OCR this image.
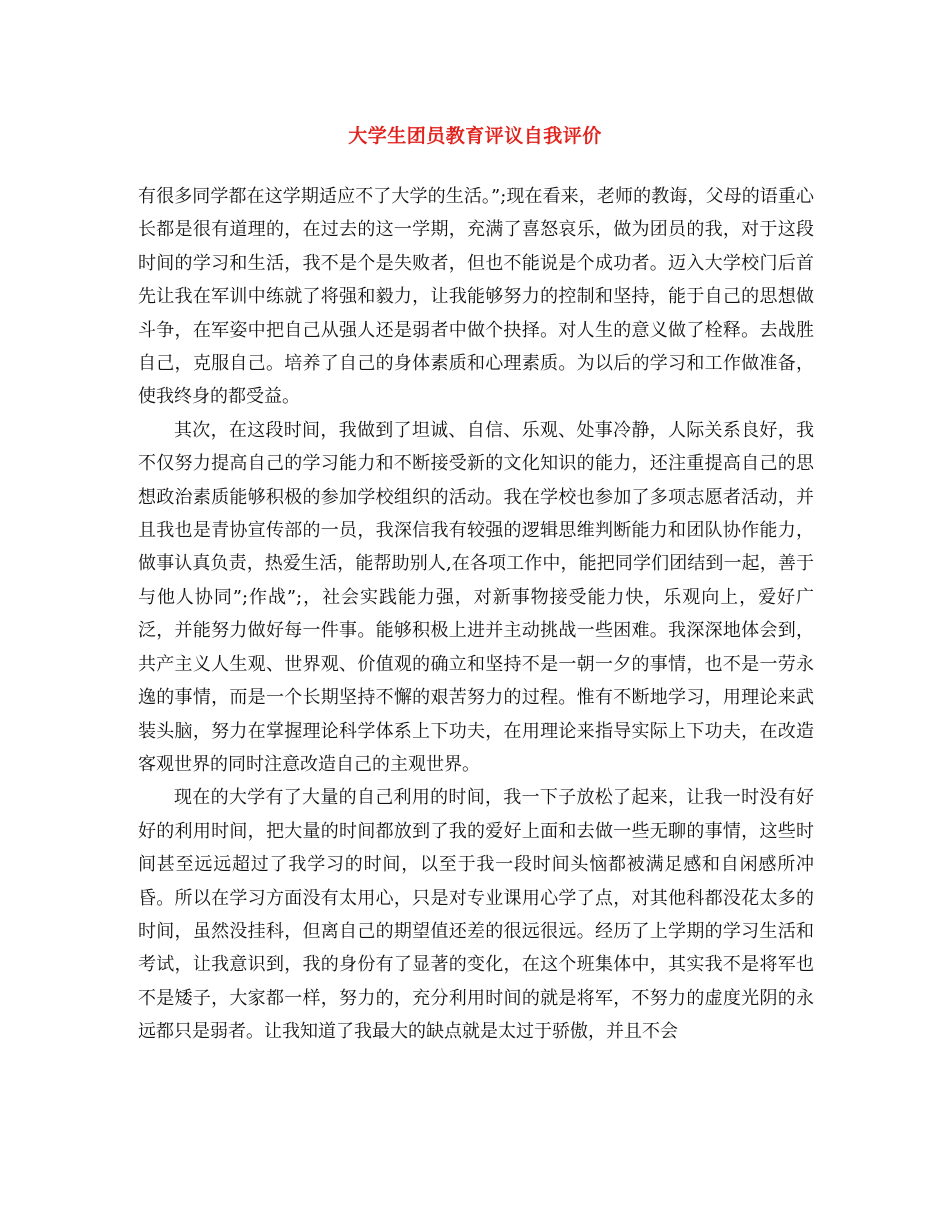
大学生团员教育评议自我评价

有很多同学都在这学期适应不了大学的生活。”;现在看来，老师的教诲，父母的语重心长都是很有道理的，在过去的这一学期，充满了喜怒哀乐，做为团员的我，对于这段时间的学习和生活，我不是个是失败者，但也不能说是个成功者。迈入大学校门后首先让我在军训中练就了将强和毅力，让我能够努力的控制和坚持，能于自己的思想做斗争，在军姿中把自己从强人还是弱者中做个抉择。对人生的意义做了栓释。去战胜自己，克服自己。培养了自己的身体素质和心理素质。为以后的学习和工作做准备，使我终身的都受益。

其次，在这段时间，我做到了坦诚、自信、乐观、处事冷静，人际关系良好，我不仅努力提高自己的学习能力和不断接受新的文化知识的能力，还注重提高自己的思想政治素质能够积极的参加学校组织的活动。我在学校也参加了多项志愿者活动，并且我也是青协宣传部的一员，我深信我有较强的逻辑思维判断能力和团队协作能力，做事认真负责，热爱生活，能帮助别人,在各项工作中，能把同学们团结到一起，善于与他人协同”;作战”;，社会实践能力强，对新事物接受能力快，乐观向上，爱好广泛，并能努力做好每一件事。能够积极上进并主动挑战一些困难。我深深地体会到，共产主义人生观、世界观、价值观的确立和坚持不是一朝一夕的事情，也不是一劳永逸的事情，而是一个长期坚持不懈的艰苦努力的过程。惟有不断地学习，用理论来武装头脑，努力在掌握理论科学体系上下功夫，在用理论来指导实际上下功夫，在改造客观世界的同时注意改造自己的主观世界。

现在的大学有了大量的自己利用的时间，我一下子放松了起来，让我一时没有好好的利用时间，把大量的时间都放到了我的爱好上面和去做一些无聊的事情，这些时间甚至远远超过了我学习的时间，以至于我一段时间头恼都被满足感和自闲感所冲昏。所以在学习方面没有太用心，只是对专业课用心学了点，对其他科都没花太多的时间，虽然没挂科，但离自己的期望值还差的很远很远。经历了上学期的学习生活和考试，让我意识到，我的身份有了显著的变化，在这个班集体中，其实我不是将军也不是矮子，大家都一样，努力的，充分利用时间的就是将军，不努力的虚度光阴的永远都只是弱者。让我知道了我最大的缺点就是太过于骄傲，并且不会
